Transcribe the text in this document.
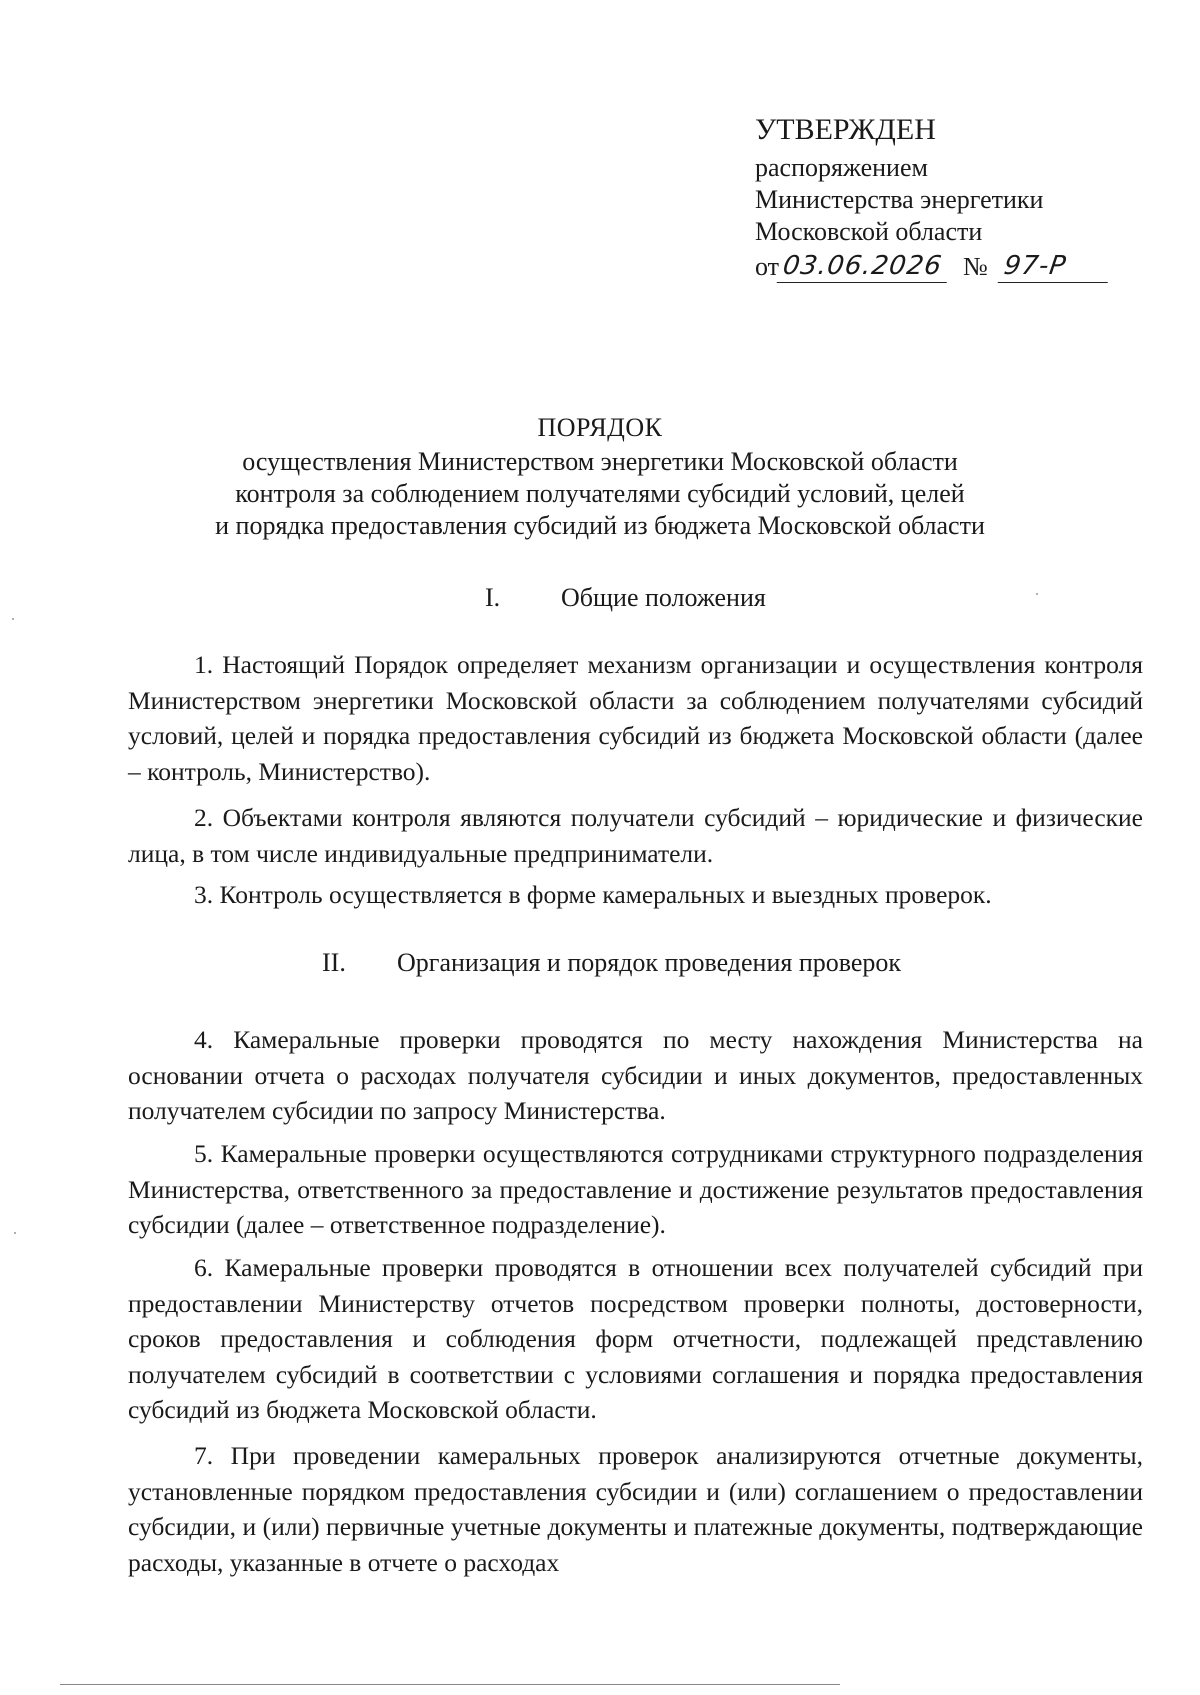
УТВЕРЖДЕН
распоряжением
Министерства энергетики
Московской области
от 03.06.2026 № 97-Р
ПОРЯДОК
осуществления Министерством энергетики Московской области
контроля за соблюдением получателями субсидий условий, целей
и порядка предоставления субсидий из бюджета Московской области
I. Общие положения

1. Настоящий Порядок определяет механизм организации и осуществления контроля Министерством энергетики Московской области за соблюдением получателями субсидий условий, целей и порядка предоставления субсидий из бюджета Московской области (далее – контроль, Министерство).

2. Объектами контроля являются получатели субсидий – юридические и физические лица, в том числе индивидуальные предприниматели.

3. Контроль осуществляется в форме камеральных и выездных проверок.

II. Организация и порядок проведения проверок

4. Камеральные проверки проводятся по месту нахождения Министерства на основании отчета о расходах получателя субсидии и иных документов, предоставленных получателем субсидии по запросу Министерства.

5. Камеральные проверки осуществляются сотрудниками структурного подразделения Министерства, ответственного за предоставление и достижение результатов предоставления субсидии (далее – ответственное подразделение).

6. Камеральные проверки проводятся в отношении всех получателей субсидий при предоставлении Министерству отчетов посредством проверки полноты, достоверности, сроков предоставления и соблюдения форм отчетности, подлежащей представлению получателем субсидий в соответствии с условиями соглашения и порядка предоставления субсидий из бюджета Московской области.

7. При проведении камеральных проверок анализируются отчетные документы, установленные порядком предоставления субсидии и (или) соглашением о предоставлении субсидии, и (или) первичные учетные документы и платежные документы, подтверждающие расходы, указанные в отчете о расходах
